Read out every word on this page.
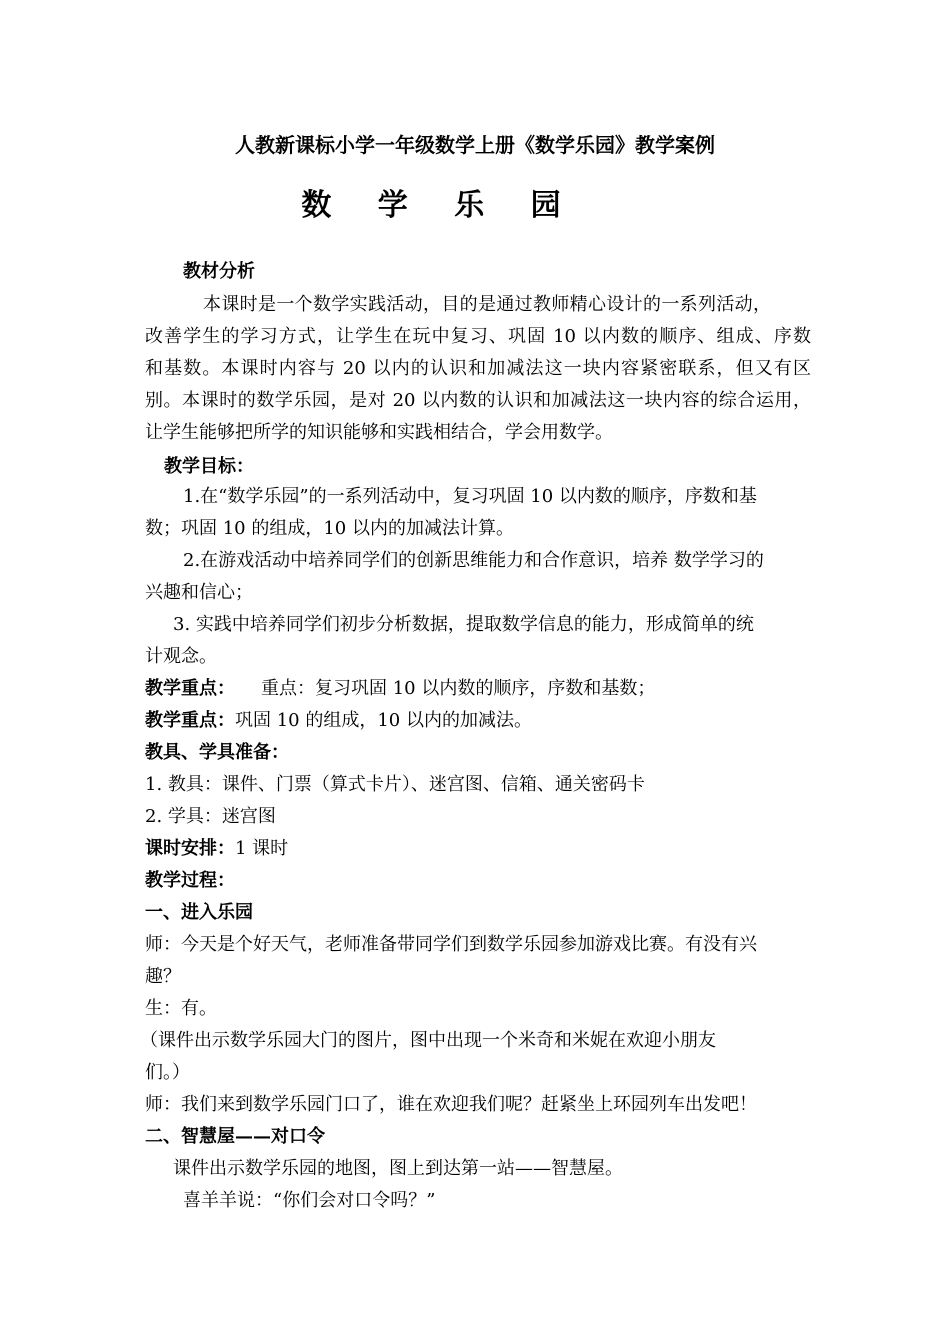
人教新课标小学一年级数学上册《数学乐园》教学案例
数 学 乐 园
教材分析
本课时是一个数学实践活动，目的是通过教师精心设计的一系列活动，
改善学生的学习方式，让学生在玩中复习、巩固 10 以内数的顺序、组成、序数
和基数。本课时内容与 20 以内的认识和加减法这一块内容紧密联系，但又有区
别。本课时的数学乐园，是对 20 以内数的认识和加减法这一块内容的综合运用，
让学生能够把所学的知识能够和实践相结合，学会用数学。
教学目标：
1.在“数学乐园”的一系列活动中，复习巩固 10 以内数的顺序，序数和基
数；巩固 10 的组成，10 以内的加减法计算。
2.在游戏活动中培养同学们的创新思维能力和合作意识，培养 数学学习的
兴趣和信心；
3. 实践中培养同学们初步分析数据，提取数学信息的能力，形成简单的统
计观念。
教学重点： 重点：复习巩固 10 以内数的顺序，序数和基数；
教学重点：巩固 10 的组成，10 以内的加减法。
教具、学具准备：
1. 教具：课件、门票（算式卡片）、迷宫图、信箱、通关密码卡
2. 学具：迷宫图
课时安排：1 课时
教学过程：
一、进入乐园
师：今天是个好天气，老师准备带同学们到数学乐园参加游戏比赛。有没有兴
趣？
生：有。
（课件出示数学乐园大门的图片，图中出现一个米奇和米妮在欢迎小朋友
们。）
师：我们来到数学乐园门口了，谁在欢迎我们呢？赶紧坐上环园列车出发吧！
二、智慧屋——对口令
课件出示数学乐园的地图，图上到达第一站——智慧屋。
喜羊羊说：“你们会对口令吗？”
